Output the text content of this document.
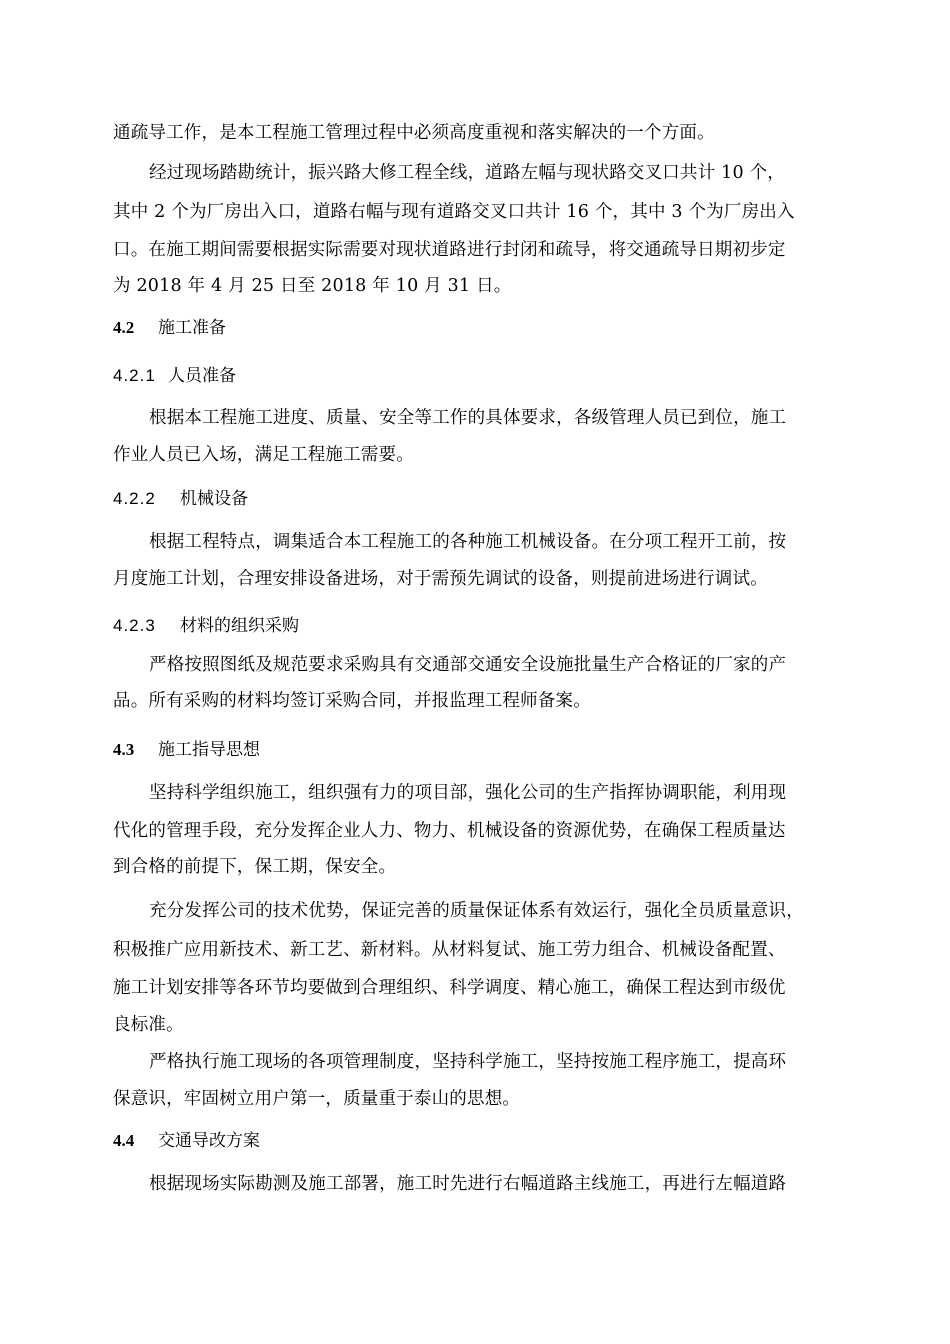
通疏导工作，是本工程施工管理过程中必须高度重视和落实解决的一个方面。
经过现场踏勘统计，振兴路大修工程全线，道路左幅与现状路交叉口共计 10 个，
其中 2 个为厂房出入口，道路右幅与现有道路交叉口共计 16 个，其中 3 个为厂房出入
口。在施工期间需要根据实际需要对现状道路进行封闭和疏导，将交通疏导日期初步定
为 2018 年 4 月 25 日至 2018 年 10 月 31 日。
4.2 施工准备
4.2.1 人员准备
根据本工程施工进度、质量、安全等工作的具体要求，各级管理人员已到位，施工
作业人员已入场，满足工程施工需要。
4.2.2 机械设备
根据工程特点，调集适合本工程施工的各种施工机械设备。在分项工程开工前，按
月度施工计划，合理安排设备进场，对于需预先调试的设备，则提前进场进行调试。
4.2.3 材料的组织采购
严格按照图纸及规范要求采购具有交通部交通安全设施批量生产合格证的厂家的产
品。所有采购的材料均签订采购合同，并报监理工程师备案。
4.3 施工指导思想
坚持科学组织施工，组织强有力的项目部，强化公司的生产指挥协调职能，利用现
代化的管理手段，充分发挥企业人力、物力、机械设备的资源优势，在确保工程质量达
到合格的前提下，保工期，保安全。
充分发挥公司的技术优势，保证完善的质量保证体系有效运行，强化全员质量意识，
积极推广应用新技术、新工艺、新材料。从材料复试、施工劳力组合、机械设备配置、
施工计划安排等各环节均要做到合理组织、科学调度、精心施工，确保工程达到市级优
良标准。
严格执行施工现场的各项管理制度，坚持科学施工，坚持按施工程序施工，提高环
保意识，牢固树立用户第一，质量重于泰山的思想。
4.4 交通导改方案
根据现场实际勘测及施工部署，施工时先进行右幅道路主线施工，再进行左幅道路
